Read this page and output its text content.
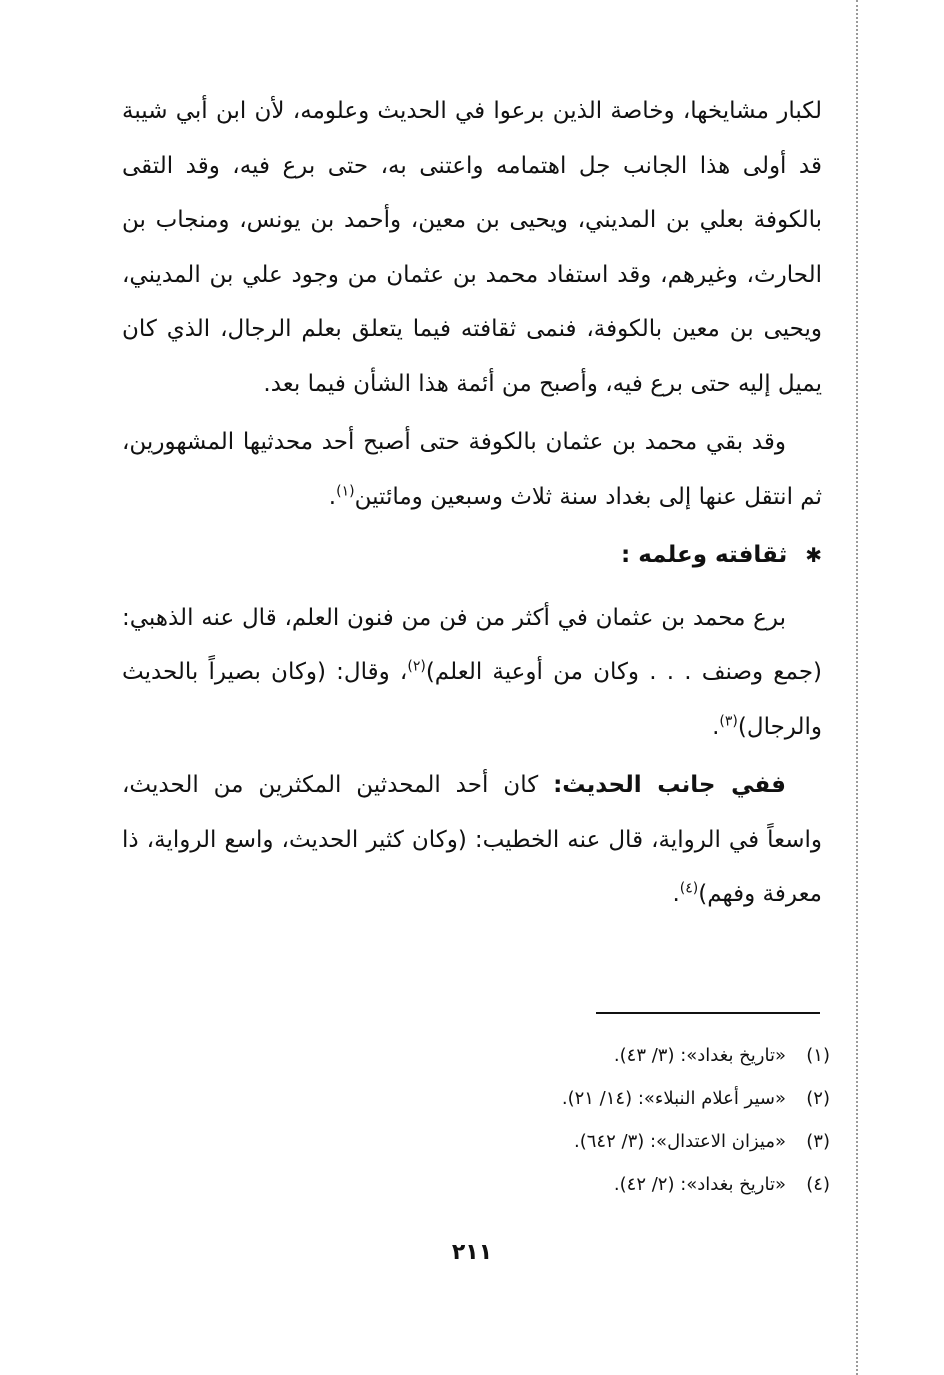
لكبار مشايخها، وخاصة الذين برعوا في الحديث وعلومه، لأن ابن أبي شيبة قد أولى هذا الجانب جل اهتمامه واعتنى به، حتى برع فيه، وقد التقى بالكوفة بعلي بن المديني، ويحيى بن معين، وأحمد بن يونس، ومنجاب بن الحارث، وغيرهم، وقد استفاد محمد بن عثمان من وجود علي بن المديني، ويحيى بن معين بالكوفة، فنمى ثقافته فيما يتعلق بعلم الرجال، الذي كان يميل إليه حتى برع فيه، وأصبح من أئمة هذا الشأن فيما بعد.

وقد بقي محمد بن عثمان بالكوفة حتى أصبح أحد محدثيها المشهورين، ثم انتقل عنها إلى بغداد سنة ثلاث وسبعين ومائتين$^{(١)}$.

✱ثقافته وعلمه :

برع محمد بن عثمان في أكثر من فن من فنون العلم، قال عنه الذهبي: (جمع وصنف . . . وكان من أوعية العلم)$^{(٢)}$، وقال: (وكان بصيراً بالحديث والرجال)$^{(٣)}$.

ففي جانب الحديث: كان أحد المحدثين المكثرين من الحديث، واسعاً في الرواية، قال عنه الخطيب: (وكان كثير الحديث، واسع الرواية، ذا معرفة وفهم)$^{(٤)}$.

(١)«تاريخ بغداد»: (٣/ ٤٣).
(٢)«سير أعلام النبلاء»: (١٤/ ٢١).
(٣)«ميزان الاعتدال»: (٣/ ٦٤٢).
(٤)«تاريخ بغداد»: (٢/ ٤٢).
٢١١
